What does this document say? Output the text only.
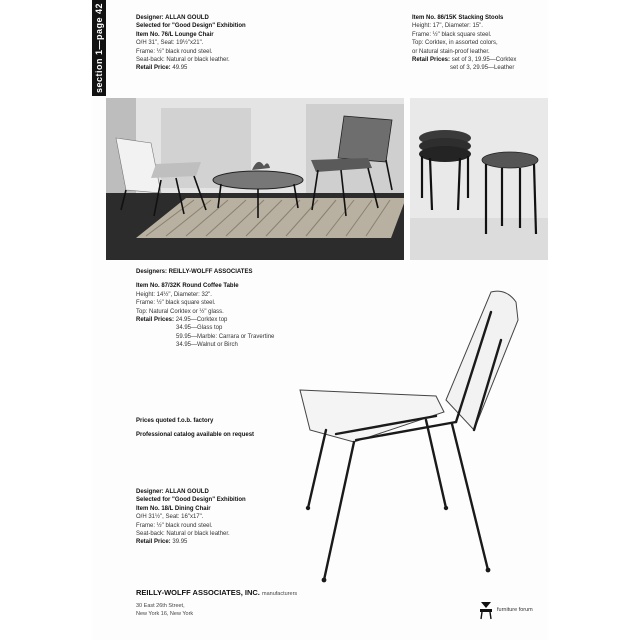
section 1—page 42	Designer: ALLAN GOULD
Selected for "Good Design" Exhibition
Item No. 76/L Lounge Chair
O/H 31", Seat: 19½"x21".
Frame: ½" black round steel.
Seat-back: Natural or black leather.
Retail Price: 49.95
Item No. 86/15K Stacking Stools
Height: 17", Diameter: 15".
Frame: ½" black square steel.
Top: Corktex, in assorted colors,
or Natural stain-proof leather.
Retail Prices: set of 3, 19.95—Corktex
set of 3, 29.95—Leather
Designers: REILLY-WOLFF ASSOCIATES
Item No. 87/32K Round Coffee Table
Height: 14½", Diameter: 32".
Frame: ½" black square steel.
Top: Natural Corktex or ½" glass.
Retail Prices: 24.95—Corktex top
34.95—Glass top
59.95—Marble: Carrara or Travertine
34.95—Walnut or Birch
Prices quoted f.o.b. factory
Professional catalog available on request
Designer: ALLAN GOULD
Selected for "Good Design" Exhibition
Item No. 18/L Dining Chair
O/H 31½", Seat: 16"x17".
Frame: ½" black round steel.
Seat-back: Natural or black leather.
Retail Price: 39.95
REILLY-WOLFF ASSOCIATES, INC. manufacturers
30 East 26th Street,
New York 16, New York
furniture forum
